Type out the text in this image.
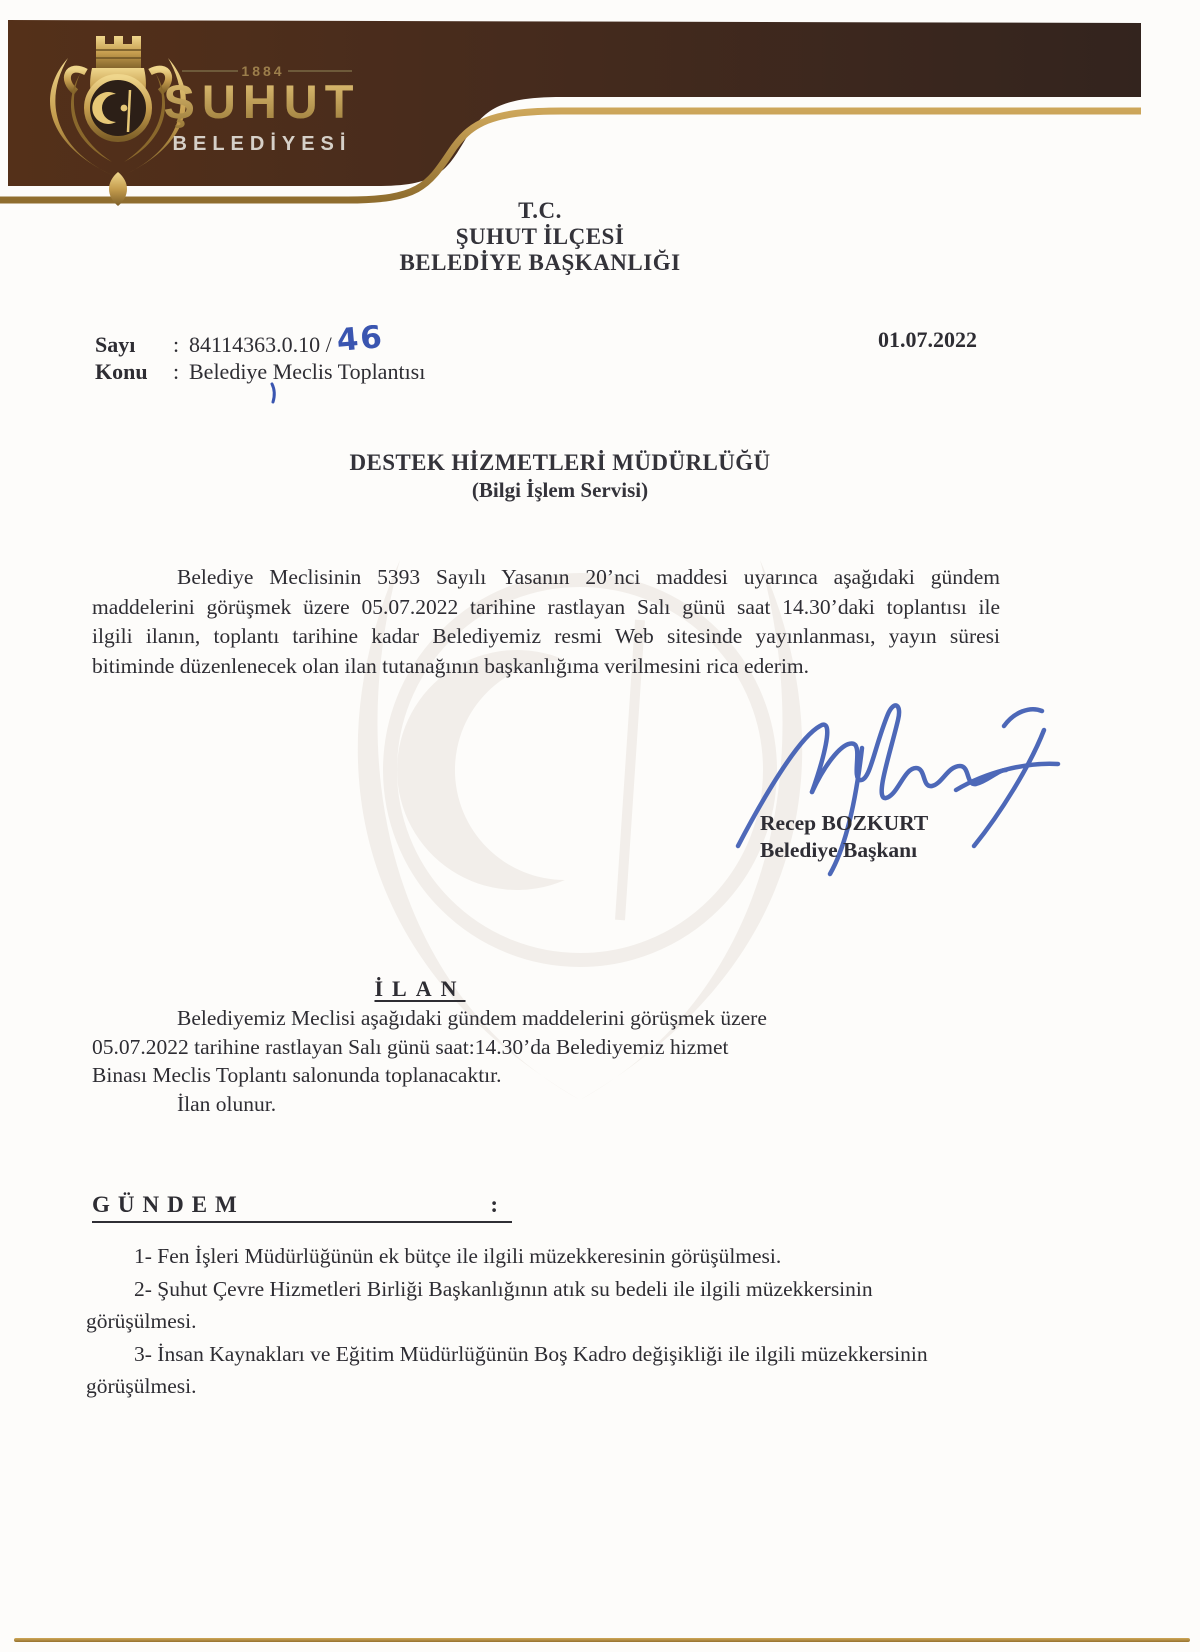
1884
ŞUHUT
BELEDİYESİ
T.C.
ŞUHUT İLÇESİ
BELEDİYE BAŞKANLIĞI
Sayı : 84114363.0.10 / 46	01.07.2022
Konu : Belediye Meclis Toplantısı
DESTEK HİZMETLERİ MÜDÜRLÜĞÜ
(Bilgi İşlem Servisi)
Belediye Meclisinin 5393 Sayılı Yasanın 20’nci maddesi uyarınca aşağıdaki gündem
maddelerini görüşmek üzere 05.07.2022 tarihine rastlayan Salı günü saat 14.30’daki toplantısı ile
ilgili ilanın, toplantı tarihine kadar Belediyemiz resmi Web sitesinde yayınlanması, yayın süresi
bitiminde düzenlenecek olan ilan tutanağının başkanlığıma verilmesini rica ederim.
Recep BOZKURT
Belediye Başkanı
İLAN
Belediyemiz Meclisi aşağıdaki gündem maddelerini görüşmek üzere
05.07.2022 tarihine rastlayan Salı günü saat:14.30’da Belediyemiz hizmet
Binası Meclis Toplantı salonunda toplanacaktır.
İlan olunur.
GÜNDEM	:

1- Fen İşleri Müdürlüğünün ek bütçe ile ilgili müzekkeresinin görüşülmesi.

2- Şuhut Çevre Hizmetleri Birliği Başkanlığının atık su bedeli ile ilgili müzekkersinin
görüşülmesi.

3- İnsan Kaynakları ve Eğitim Müdürlüğünün Boş Kadro değişikliği ile ilgili müzekkersinin
görüşülmesi.
